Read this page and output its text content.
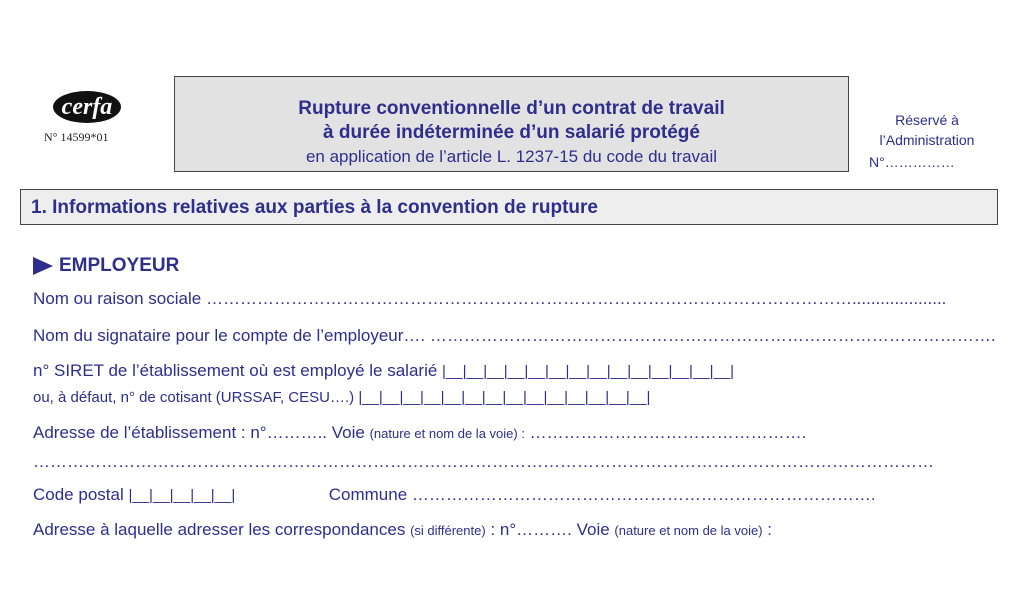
cerfa
N° 14599*01
Rupture conventionnelle d’un contrat de travail
à durée indéterminée d’un salarié protégé
en application de l’article L. 1237-15 du code du travail
Réservé à
l’Administration
N°……………
1. Informations relatives aux parties à la convention de rupture
EMPLOYEUR
Nom ou raison sociale ……………………………………………………………………………………………………....................
Nom du signataire pour le compte de l’employeur…. ……………………………………………………………………………………….
n° SIRET de l’établissement où est employé le salarié |__|__|__|__|__|__|__|__|__|__|__|__|__|__|
ou, à défaut, n° de cotisant (URSSAF, CESU….) |__|__|__|__|__|__|__|__|__|__|__|__|__|__|
Adresse de l’établissement : n°……….. Voie (nature et nom de la voie) : ………………………………………….
……………………………………………………………………………………………………………………………………………
Code postal |__|__|__|__|__|	Commune ……………………………………………………………………….
Adresse à laquelle adresser les correspondances (si différente) : n°………. Voie (nature et nom de la voie) :
